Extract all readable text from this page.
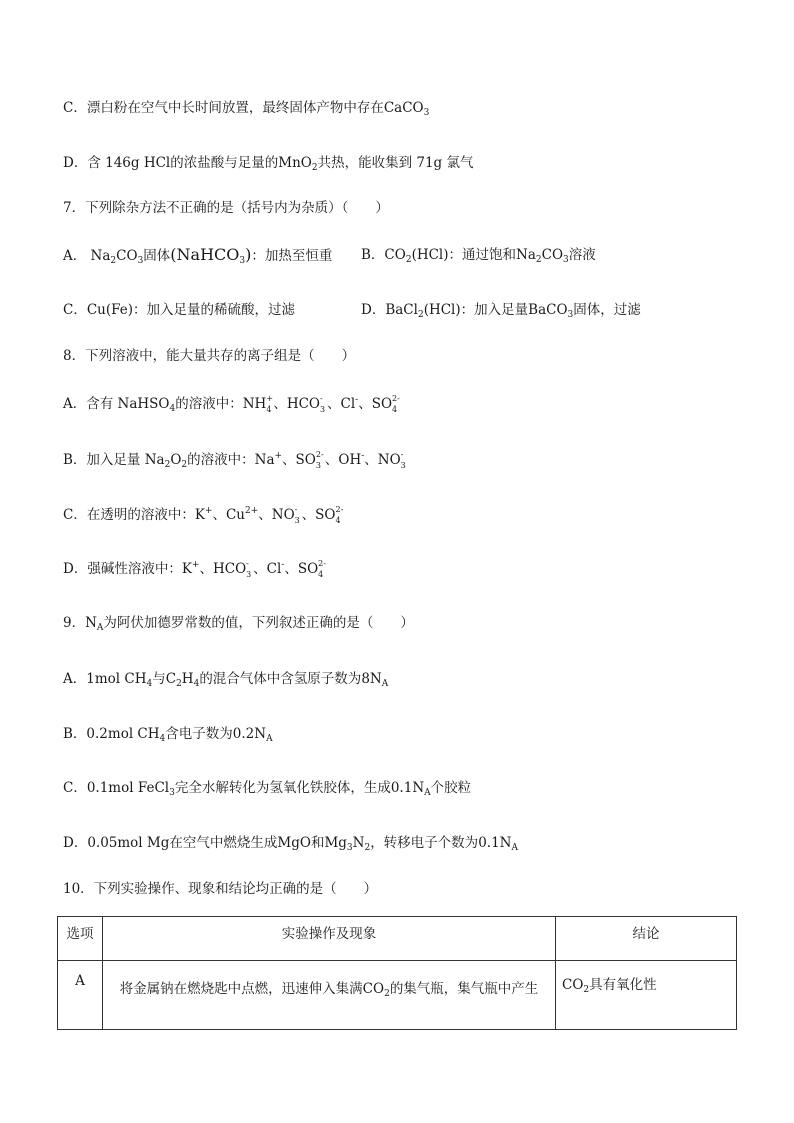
C．漂白粉在空气中长时间放置，最终固体产物中存在CaCO$_3$
D．含 146g HCl的浓盐酸与足量的MnO$_2$共热，能收集到 71g 氯气
7．下列除杂方法不正确的是（括号内为杂质）（　　）
A． $Na_2CO_3$固体(NaHCO$_3$)：加热至恒重 B．$CO_2(HCl)$：通过饱和$Na_2CO_3$溶液
C．Cu(Fe)：加入足量的稀硫酸，过滤	D．BaCl$_2$(HCl)：加入足量BaCO$_3$固体，过滤
8．下列溶液中，能大量共存的离子组是（　　）
A．含有 NaHSO$_4$的溶液中：NH +
4 、HCO -
3 、Cl-、SO 2-
4
B．加入足量 $Na_2O_2$的溶液中：Na+、SO 2-
3 、OH-、NO -
3
C．在透明的溶液中：K+、$Cu^{2+}$、NO -
3 、SO 2-
4
D．强碱性溶液中：K+、HCO -
3 、Cl-、SO 2-
4
9．$N_A$为阿伏加德罗常数的值，下列叙述正确的是（　　）
A．1mol $CH_4$与$C_2H_4$的混合气体中含氢原子数为$8N_A$
B．0.2mol $CH_4$含电子数为$0.2N_A$
C．0.1mol FeCl$_3$完全水解转化为氢氧化铁胶体，生成$0.1N_A$个胶粒
D．0.05mol Mg在空气中燃烧生成MgO和$Mg_3N_2$，转移电子个数为$0.1N_A$
10．下列实验操作、现象和结论均正确的是（　　）
选项	实验操作及现象	结论
A	将金属钠在燃烧匙中点燃，迅速伸入集满$CO_2$的集气瓶，集气瓶中产生	$CO_2$具有氧化性
